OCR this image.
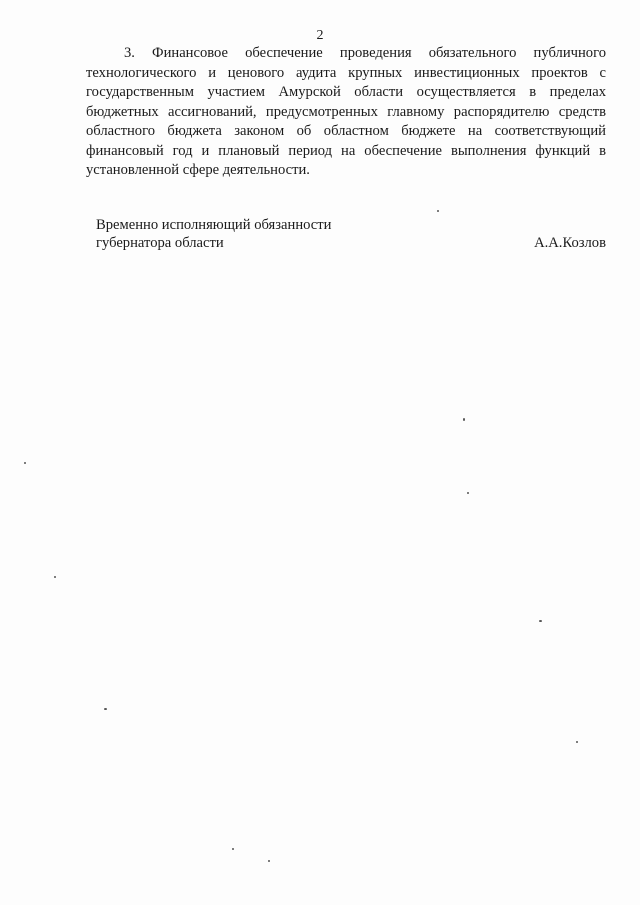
2

3. Финансовое обеспечение проведения обязательного публичного технологического и ценового аудита крупных инвестиционных проектов с государственным участием Амурской области осуществляется в пределах бюджетных ассигнований, предусмотренных главному распорядителю средств областного бюджета законом об областном бюджете на соответствующий финансовый год и плановый период на обеспечение выполнения функций в установленной сфере деятельности.

Временно исполняющий обязанности
губернатора области	А.А.Козлов
